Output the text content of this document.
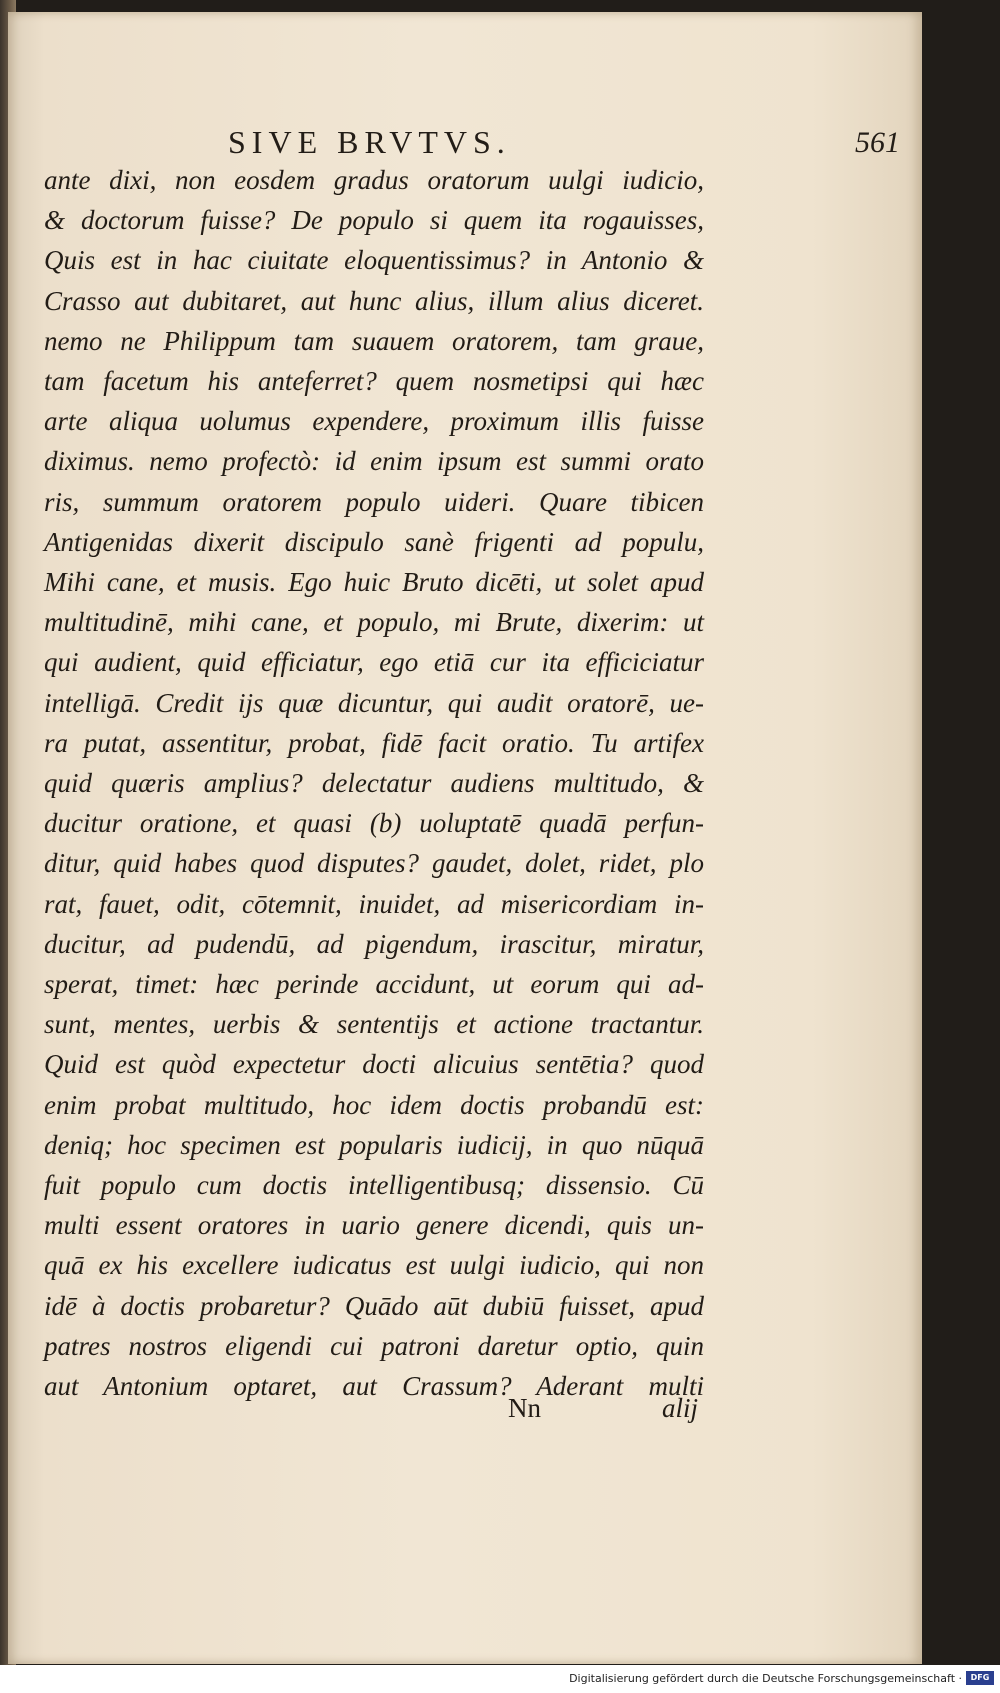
SIVE BRVTVS.	561
ante dixi, non eosdem gradus oratorum uulgi iudicio,& doctorum fuisse? De populo si quem ita rogauisses,Quis est in hac ciuitate eloquentissimus? in Antonio &Crasso aut dubitaret, aut hunc alius, illum alius diceret.nemo ne Philippum tam suauem oratorem, tam graue,tam facetum his anteferret? quem nosmetipsi qui hæcarte aliqua uolumus expendere, proximum illis fuissediximus. nemo profectò: id enim ipsum est summi oratoris, summum oratorem populo uideri. Quare tibicenAntigenidas dixerit discipulo sanè frigenti ad populu,Mihi cane, et musis. Ego huic Bruto dicēti, ut solet apudmultitudinē, mihi cane, et populo, mi Brute, dixerim: utqui audient, quid efficiatur, ego etiā cur ita efficiciaturintelligā. Credit ijs quæ dicuntur, qui audit oratorē, ue-ra putat, assentitur, probat, fidē facit oratio. Tu artifexquid quæris amplius? delectatur audiens multitudo, &ducitur oratione, et quasi (b) uoluptatē quadā perfun-ditur, quid habes quod disputes? gaudet, dolet, ridet, plorat, fauet, odit, cōtemnit, inuidet, ad misericordiam in-ducitur, ad pudendū, ad pigendum, irascitur, miratur,sperat, timet: hæc perinde accidunt, ut eorum qui ad-sunt, mentes, uerbis & sententijs et actione tractantur.Quid est quòd expectetur docti alicuius sentētia? quodenim probat multitudo, hoc idem doctis probandū est:deniq; hoc specimen est popularis iudicij, in quo nūquāfuit populo cum doctis intelligentibusq; dissensio. Cūmulti essent oratores in uario genere dicendi, quis un-quā ex his excellere iudicatus est uulgi iudicio, qui nonidē à doctis probaretur? Quādo aūt dubiū fuisset, apudpatres nostros eligendi cui patroni daretur optio, quinaut Antonium optaret, aut Crassum? Aderant multi
Nn	alij
Digitalisierung gefördert durch die Deutsche Forschungsgemeinschaft ·	DFG
